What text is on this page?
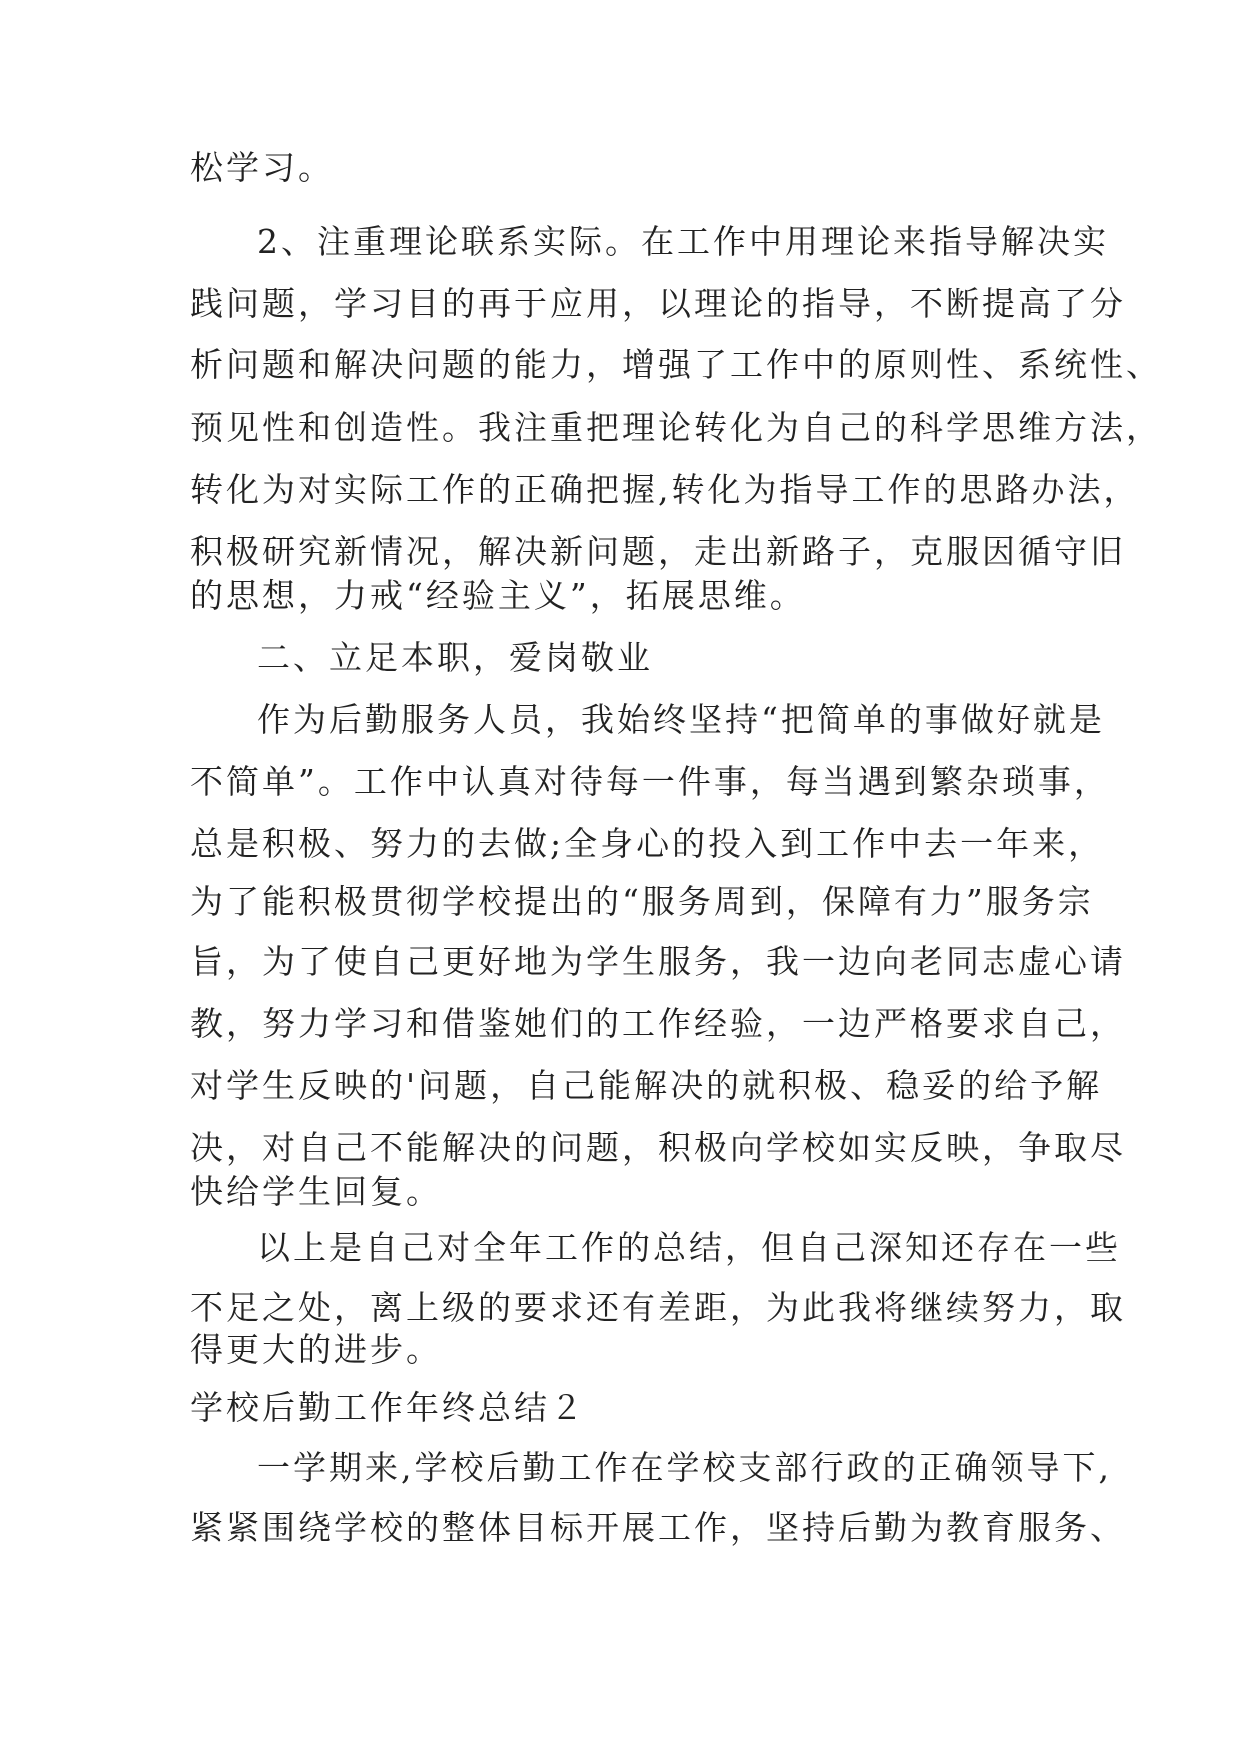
松学习。
2、注重理论联系实际。在工作中用理论来指导解决实
践问题，学习目的再于应用，以理论的指导，不断提高了分
析问题和解决问题的能力，增强了工作中的原则性、系统性、
预见性和创造性。我注重把理论转化为自己的科学思维方法，
转化为对实际工作的正确把握,转化为指导工作的思路办法，
积极研究新情况，解决新问题，走出新路子，克服因循守旧
的思想，力戒“经验主义”，拓展思维。
二、立足本职，爱岗敬业
作为后勤服务人员，我始终坚持“把简单的事做好就是
不简单”。工作中认真对待每一件事，每当遇到繁杂琐事，
总是积极、努力的去做;全身心的投入到工作中去一年来，
为了能积极贯彻学校提出的“服务周到，保障有力”服务宗
旨，为了使自己更好地为学生服务，我一边向老同志虚心请
教，努力学习和借鉴她们的工作经验，一边严格要求自己，
对学生反映的'问题，自己能解决的就积极、稳妥的给予解
决，对自己不能解决的问题，积极向学校如实反映，争取尽
快给学生回复。
以上是自己对全年工作的总结，但自己深知还存在一些
不足之处，离上级的要求还有差距，为此我将继续努力，取
得更大的进步。
学校后勤工作年终总结２
一学期来,学校后勤工作在学校支部行政的正确领导下,
紧紧围绕学校的整体目标开展工作，坚持后勤为教育服务、
